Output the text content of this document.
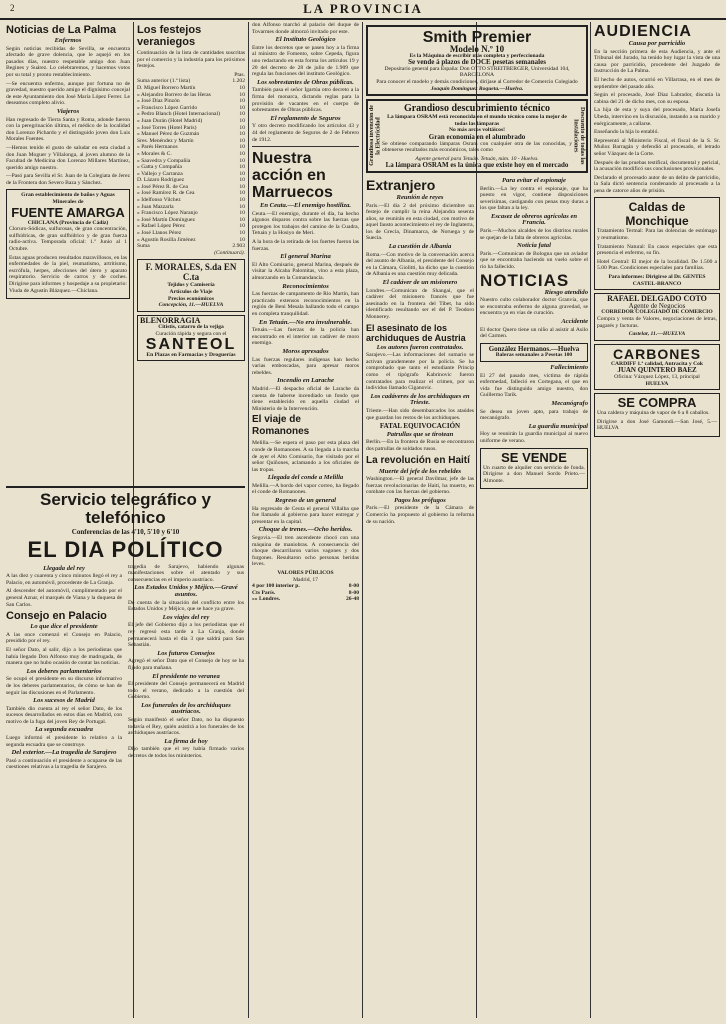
2	LA PROVINCIA
Noticias de La Palma
Enfermos

Según noticias recibidas de Sevilla, se encuentra afectado de grave dolencia, que le aquejó en los pasados días, nuestro respetable amigo don Juan Begines y Suárez. Lo celebraremos, y hacemos votos por su total y pronto restablecimiento.

—Se encuentra enfermo, aunque por fortuna no de gravedad, nuestro querido amigo el dignísimo concejal de este Ayuntamiento don José María López Ferrer. Le deseamos completo alivio.

Viajeros

Han regresado de Tierra Santa y Roma, adonde fueron con la peregrinación última, el médico de la localidad don Lorenzo Pichardo y el distinguido joven don Luis Morales Fuentes.

—Hemos tenido el gusto de saludar en esta ciudad a don Juan Moguer y Villalonga, al joven alumno de la Facultad de Medicina don Lorenzo Millares Martínez, querido amigo nuestro.

—Pasó para Sevilla el Sr. Juan de la Colegiata de Jerez de la Frontera don Severo Baza y Sánchez.

Gran establecimiento de baños y Aguas Minerales de
FUENTE AMARGA
CHICLANA (Provincia de Cádiz)

Cloruro-Sódicas, sulfurosas, de gran concentración, sulfhídricas, de gran sulfhídrico y de gran fuerza radio-activa. Temporada oficial: 1.º Junio al 1 Octubre.

Estas aguas producen resultados maravillosos, en las enfermedades de la piel, reumatismo, artritismo, escrófula, herpes, afecciones del útero y aparato respiratorio. Servicio de carros y de coches. Dirigirse para informes y hospedaje a su propietario: Viuda de Agustín Blázquez.—Chiclana.

Los festejos veraniegos

Continuación de la lista de cantidades suscritas por el comercio y la industria para los próximos festejos.

Ptas.
Suma anterior (1.ª lista)	1.202
D. Miguel Borrero Martín	10
» Alejandro Borrero de las Heras	10
» José Díaz Pinzón	10
» Francisco López Garrido	10
» Pedro Blanch (Hotel Internacional)	10
» Juan Durán (Hotel Madrid)	10
» José Torres (Hotel París)	10
» Manuel Pérez de Guzmán	10
Sres. Menéndez y Martín	10
» Parés Hermanos	10
» Morales & C.	10
» Saavedra y Compañía	10
» Gatta y Compañía	10
» Vallejo y Carranza	10
D. Lázaro Rodríguez	10
» José Pérez R. de Cea	10
» José Ramírez R. de Cea	10
» Idelfonso Vilchez	10
» Juan Mazzarla	10
» Francisco López Naranjo	10
» José Martín Domínguez	10
» Rafael López Pérez	10
» José Llanos Pérez	10
» Agustín Rosilla Jiménez	10
Suma	2.903
(Continuará).
F. MORALES, S.da EN C.ta
Tejidos y Camisería
Artículos de Viaje
Precios económicos
Concepción, 11.—HUELVA
BLENORRAGIA
Citistis, catarro de la vejiga
Curación rápida y segura con el
SANTEOL
En Plazas en Farmacias y Droguerías

don Alfonso marchó al palacio del duque de Tovarmes donde almorzó invitado por este.

El Instituto Geológico

Entre los decretos que se pasen hoy a la firma al ministro de Fomento, sobre Cepeda, figura uno redactando en esta forma los artículos 19 y 20 del decreto de 28 de julio de 1.909 que regula las funciones del instituto Geológico.

Los sobrestantes de Obras públicas.

También pasa el señor Igartúa otro decreto a la firma del monarca, dictando reglas para la provisión de vacantes en el cuerpo de sobrestantes de Obras públicas.

El reglamento de Seguros

Y otro decreto modificando los artículos 43 y 44 del reglamento de Seguros de 2 de Febrero de 1912.

Nuestra acción en Marruecos
En Ceuta.—El enemigo hostiliza.

Ceuta.—El enemigo, durante el día, ha hecho algunos disparos contra sobre las fuerzas que protegen los trabajos del camino de la Cuadra, Tetuán y la Hosiyo de Meri.

A la hora de la retirada de los fuertes fueron las fuerzas.

El general Marina

El Alto Comisario, general Marina, después de visitar la Alcaba Palomitas, vino a esta plaza, almorzando en la Comandancia.

Reconocimientos

Las fuerzas de campamento de Rio Martín, han practicado extensos reconocimientos en la región de Beni Mesala hallando todo el campo en completa tranquilidad.

En Tetuán.—No era invulnerable.

Tetuán.—Las fuerzas de la policía han encontrado en el interior un cadáver de moro enemigo.

Moros apresados

Las fuerzas regulares indígenas han hecho varias emboscadas, para apresar moros rebeldes.

Incendio en Larache

Madrid.—El despacho oficial de Larache da cuenta de haberse incendiado un fondo que tiene establecido en aquella ciudad el Ministerio de la Intervención.

El viaje de Romanones

Melilla.—Se espera el paso por esta plaza del conde de Romanones. A su llegada a la marcha de ayer el Alto Comisario, fue visitado por el señor Quiñones, aclamando a los oficiales de las tropas.

Llegada del conde a Melilla

Melilla.—A bordo del vapor correo, ha llegado el conde de Romanones.

Regreso de un general

Ha regresado de Ceuta el general Villalba que fue llamado al gobierno para hacer entregar y presentar en la capital.

Choque de trenes.—Ocho heridos.

Segovia.—El tren ascendente chocó con una máquina de maniobras. A consecuencia del choque descarrilaron varios vagones y dos furgones. Resultaron ocho personas heridas leves.

VALORES PÚBLICOS
Madrid, 17
4 por 100 interior p.	8-00
Cts París.	8-00
»» Londres.	26-48
Smith Premier
Modelo N.º 10
Es la Máquina de escribir más completa y perfeccionada
Se vende á plazos de DOCE pesetas semanales
Depositario general para España: Don OTTO STREITBERGER, Universidad 104, BARCELONA
Para conocer el modelo y demás condiciones, diríjase al Corredor de Comercio Colegiado
Joaquín Domínguez Roqueta.—Huelva.
Grandiosa invención de la Electricidad	Descuento de todas las Instalaciones
Grandioso descubrimiento técnico
La lámpara OSRAM está reconocida en el mundo técnico como la mejor de todas las lámparas
No más arcos voltáicos!
Gran economía en el alumbrado

Se obtiene comparando lámparas Osram con cualquier otra de las conocidas, y obtenerse resultados más económicos, tales como

Agente general para Tetuán. Tetuán, núm. 10 - Huelva.
La lámpara OSRAM es la única que existe hoy en el mercado
Extranjero
Reunión de reyes

París.—El día 2 del próximo diciembre un festejo de cumplir la reina Alejandra sesenta años, se reunirán en esta ciudad, con motivo de aquel fausto acontecimiento el rey de Inglaterra, los de Grecia, Dinamarca, de Noruega y de Suecia.

La cuestión de Albania

Roma.—Con motivo de la conversación acerca del asunto de Albania, el presidente del Consejo en la Cámara, Giolitti, ha dicho que la cuestión de Albania es una cuestión muy delicada.

El cadáver de un misionero

Londres.—Comunican de Shangai, que el cadáver del misionero francés que fue asesinado en la frontera del Tibet, ha sido identificado resultando ser el del P. Teodoro Monnerey.

El asesinato de los archiduques de Austria
Los autores fueron contratados.

Sarajevo.—Las informaciones del sumario se activan grandemente por la policía. Se ha comprobado que tanto el estudiante Princip como el tipógrafo Kabrinovic fueron contratados para realizar el crimen, por un individuo llamado Ciganovic.

Los cadáveres de los archiduques en Trieste.

Trieste.—Han sido desembarcados los ataúdes que guardan los restos de los archiduques.

FATAL EQUIVOCACIÓN
Patrullas que se tirotean

Berlín.—En la frontera de Rusia se encontraron dos patrullas de soldados rusos.

La revolución en Haití
Muerte del jefe de los rebeldes

Washington.—El general Davilmar, jefe de las fuerzas revolucionarias de Haití, ha muerto, en combate con las fuerzas del gobierno.

Pagos los prófugos

París.—El presidente de la Cámara de Comercio ha propuesto al gobierno la reforma de su nación.

Para evitar el espionaje

Berlín.—La ley contra el espionaje, que ha puesto en vigor, contiene disposiciones severísimas, castigando con penas muy duras a los que faltan a la ley.

Escasez de obreros agrícolas en Francia.

París.—Muchos alcaldes de los distritos rurales se quejan de la falta de obreros agrícolas.

Noticia fatal

París.—Comunican de Bologna que un aviador que se encontraba haciendo un vuelo sobre el río ha fallecido.

NOTICIAS
Riesgo atendido

Nuestro culto colaborador doctor Granvía, que se encontraba enfermo de alguna gravedad, se encuentra ya en vías de curación.

Accidente

El doctor Quero tiene un niño al asistir al Asilo del Carmen.

González Hermanos.—Huelva
Baleras semanales a Pesetas 100
Fallecimiento

El 27 del pasado mes, víctima de rápida enfermedad, falleció en Cortegana, el que en vida fue distinguido amigo nuestro, don Guillermo Tarik.

Mecanógrafo

Se desea un joven apto, para trabajo de mecanógrafo.

La guardia municipal

Hoy se reunirán la guardia municipal al nuevo uniforme de verano.

SE VENDE

Un cuarto de alquiler con servicio de fonda. Dirigirse a don Manuel Sordo Prieto.—Almonte.

AUDIENCIA
Causa por parricidio

En la sección primera de esta Audiencia, y ante el Tribunal del Jurado, ha tenido hoy lugar la vista de una causa por parricidio, procedente del Juzgado de Instrucción de La Palma.

El hecho de autos, ocurrió en Villarrasa, en el mes de septiembre del pasado año.

Según el procesado, José Díaz Labrador, discutía la cabina del 21 de dicho mes, con su esposa.

La hija de esta y suya del procesado, María Josefa Ubeda, intervino en la discusión, instando a su marido y enérgicamente, a callarse.

Enseñando la hija lo entabló.

Representó al Ministerio Fiscal, el fiscal de la S. Sr. Muñoz Barragán y defendió al procesado, el letrado señor Vázquez de la Corte.

Después de las pruebas testifical, documental y pericial, la acusación modificó sus conclusiones provisionales.

Declarado el procesado autor de un delito de parricidio, la Sala dictó sentencia condenando al procesado a la pena de catorce años de prisión.

Caldas de Monchique

Tratamiento Termal: Para las dolencias de estómago y reumatismo.

Tratamiento Natural: En casos especiales que esta presencia el enfermo, su fin.

Hotel Central: El mejor de la localidad. De 1.500 a 5.00 Ptas. Condiciones especiales para familias.

Para informes: Dirigirse al Dr. GENTES CASTEL-BRANCO
RAFAEL DELGADO COTO
Agente de Negocios
CORREDOR COLEGIADO DE COMERCIO

Compra y venta de Valores, negociaciones de letras, pagarés y facturas.

Castelar, 11.—HUELVA
CARBONES
CARDIFF 1.ª calidad, Antracita y Cok
JUAN QUINTERO BAEZ
Oficina: Vázquez López, 13, principal
HUELVA
SE COMPRA

Una caldera y máquina de vapor de 6 a 8 caballos.

Dirigirse a don José Gamondi.—San José, 5.—HUELVA

Servicio telegráfico y telefónico
Conferencias de las 4'10, 5'10 y 6'10
EL DIA POLÍTICO
Llegada del rey

A las diez y cuarenta y cinco minutos llegó el rey a Palacio, en automóvil, procedente de La Granja.

Al descender del automóvil, cumplimentado por el general Aznar, el marqués de Viana y la duquesa de San Carlos.

Consejo en Palacio
Lo que dice el presidente

A las once comenzó el Consejo en Palacio, presidido por el rey.

El señor Dato, al salir, dijo a los periodistas que había llegado Don Alfonso muy de madrugada, de manera que no hubo ocasión de contar las noticias.

Los deberes parlamentarios

Se ocupó el presidente en su discurso informativo de los deberes parlamentarios, de cómo se han de seguir las discusiones en el Parlamento.

Los sucesos de Madrid

También dio cuenta al rey el señor Dato, de los sucesos desarrollados en estos días en Madrid, con motivo de la fuga del joven Rey de Portugal.

La segunda escuadra

Luego informó el presidente lo relativo a la segunda escuadra que se construye.

Del exterior.—La tragedia de Sarajevo

Pasó a continuación el presidente a ocuparse de las cuestiones relativas a la tragedia de Sarajevo.

tragedia de Sarajevo, habiendo algunas manifestaciones sobre el atentado y sus consecuencias en el imperio austríaco.

Los Estados Unidos y Méjico.—Gravé asuntos.

De cuenta de la situación del conflicto entre los Estados Unidos y Méjico, que se hace ya grave.

Los viajes del rey

El jefe del Gobierno dijo a los periodistas que el rey regresó esta tarde a La Granja, donde permanecerá hasta el día 3 que saldrá para San Sebastián.

Los futuros Consejos

Agregó el señor Dato que el Consejo de hoy se ha fijado para mañana.

El presidente no veranea

El presidente del Consejo permanecerá en Madrid todo el verano, dedicado a la cuestión del Gobierno.

Los funerales de los archiduques austríacos.

Según manifestó el señor Dato, no ha dispuesto todavía el Rey, quién asistirá a los funerales de los archiduques austríacos.

La firma de hoy

Dijo también que el rey había firmado varios decretos de todos los ministerios.
